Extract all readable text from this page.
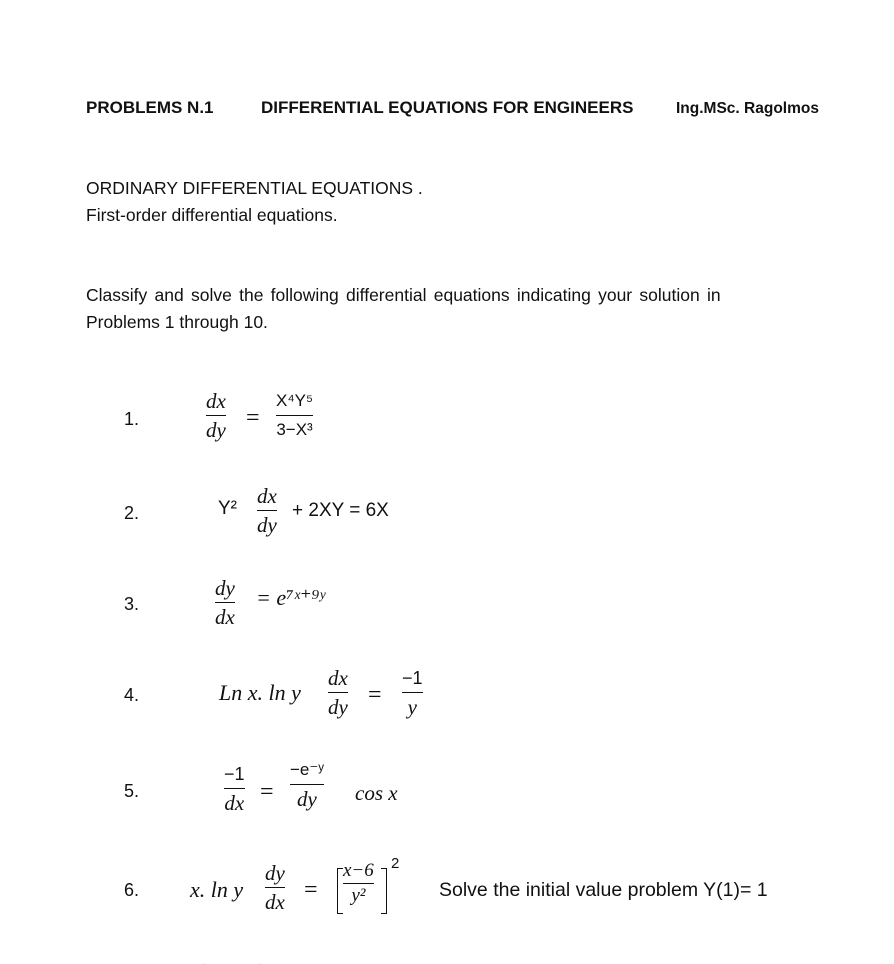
PROBLEMS N.1	DIFFERENTIAL EQUATIONS FOR ENGINEERS	Ing.MSc. Ragolmos
ORDINARY DIFFERENTIAL EQUATIONS .
First-order differential equations.
Classify and solve the following differential equations indicating your solution in
Problems 1 through 10.
1.
dx
dy =
X⁴Y⁵
3−X³
2.	Y²
dx
dy
+ 2XY = 6X
3.
dy
dx
= e⁷ˣ⁺⁹ʸ
4.	Ln x. ln y
dx
dy =
−1
y
5.
−1
dx =
−e⁻ʸ
dy	cos x
6. x. ln y
dy
dx =
x−6
y²
2
Solve the initial value problem Y(1)= 1
